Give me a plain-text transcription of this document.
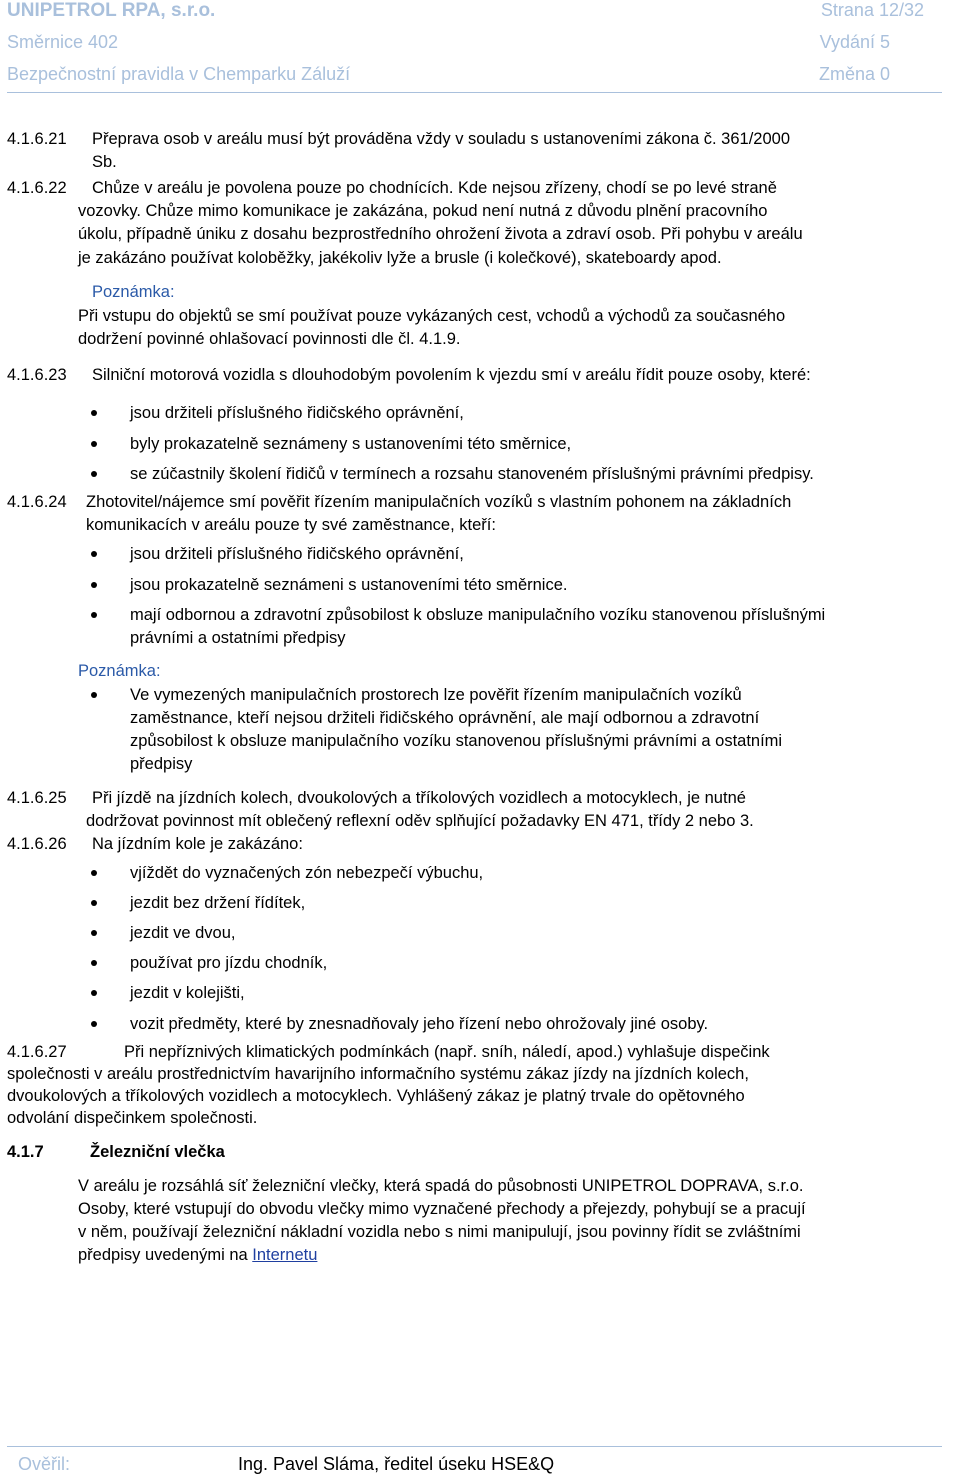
UNIPETROL RPA, s.r.o.	Strana 12/32
Směrnice 402	Vydání 5
Bezpečnostní pravidla v Chemparku Záluží	Změna 0
4.1.6.21 Přeprava osob v areálu musí být prováděna vždy v souladu s ustanoveními zákona č. 361/2000
Sb.
4.1.6.22 Chůze v areálu je povolena pouze po chodnících. Kde nejsou zřízeny, chodí se po levé straně
vozovky. Chůze mimo komunikace je zakázána, pokud není nutná z důvodu plnění pracovního
úkolu, případně úniku z dosahu bezprostředního ohrožení života a zdraví osob. Při pohybu v areálu
je zakázáno používat koloběžky, jakékoliv lyže a brusle (i kolečkové), skateboardy apod.
Poznámka:
Při vstupu do objektů se smí používat pouze vykázaných cest, vchodů a východů za současného
dodržení povinné ohlašovací povinnosti dle čl. 4.1.9.
4.1.6.23 Silniční motorová vozidla s dlouhodobým povolením k vjezdu smí v areálu řídit pouze osoby, které:
jsou držiteli příslušného řidičského oprávnění,
byly prokazatelně seznámeny s ustanoveními této směrnice,
se zúčastnily školení řidičů v termínech a rozsahu stanoveném příslušnými právními předpisy.
4.1.6.24 Zhotovitel/nájemce smí pověřit řízením manipulačních vozíků s vlastním pohonem na základních
komunikacích v areálu pouze ty své zaměstnance, kteří:
jsou držiteli příslušného řidičského oprávnění,
jsou prokazatelně seznámeni s ustanoveními této směrnice.
mají odbornou a zdravotní způsobilost k obsluze manipulačního vozíku stanovenou příslušnými
právními a ostatními předpisy
Poznámka:
Ve vymezených manipulačních prostorech lze pověřit řízením manipulačních vozíků
zaměstnance, kteří nejsou držiteli řidičského oprávnění, ale mají odbornou a zdravotní
způsobilost k obsluze manipulačního vozíku stanovenou příslušnými právními a ostatními
předpisy
4.1.6.25 Při jízdě na jízdních kolech, dvoukolových a tříkolových vozidlech a motocyklech, je nutné
dodržovat povinnost mít oblečený reflexní oděv splňující požadavky EN 471, třídy 2 nebo 3.
4.1.6.26 Na jízdním kole je zakázáno:
vjíždět do vyznačených zón nebezpečí výbuchu,
jezdit bez držení řídítek,
jezdit ve dvou,
používat pro jízdu chodník,
jezdit v kolejišti,
vozit předměty, které by znesnadňovaly jeho řízení nebo ohrožovaly jiné osoby.
4.1.6.27	Při nepříznivých klimatických podmínkách (např. sníh, náledí, apod.) vyhlašuje dispečink
společnosti v areálu prostřednictvím havarijního informačního systému zákaz jízdy na jízdních kolech,
dvoukolových a tříkolových vozidlech a motocyklech. Vyhlášený zákaz je platný trvale do opětovného
odvolání dispečinkem společnosti.
4.1.7	Železniční vlečka
V areálu je rozsáhlá síť železniční vlečky, která spadá do působnosti UNIPETROL DOPRAVA, s.r.o.
Osoby, které vstupují do obvodu vlečky mimo vyznačené přechody a přejezdy, pohybují se a pracují
v něm, používají železniční nákladní vozidla nebo s nimi manipulují, jsou povinny řídit se zvláštními
předpisy uvedenými na Internetu
Ověřil:	Ing. Pavel Sláma, ředitel úseku HSE&Q
